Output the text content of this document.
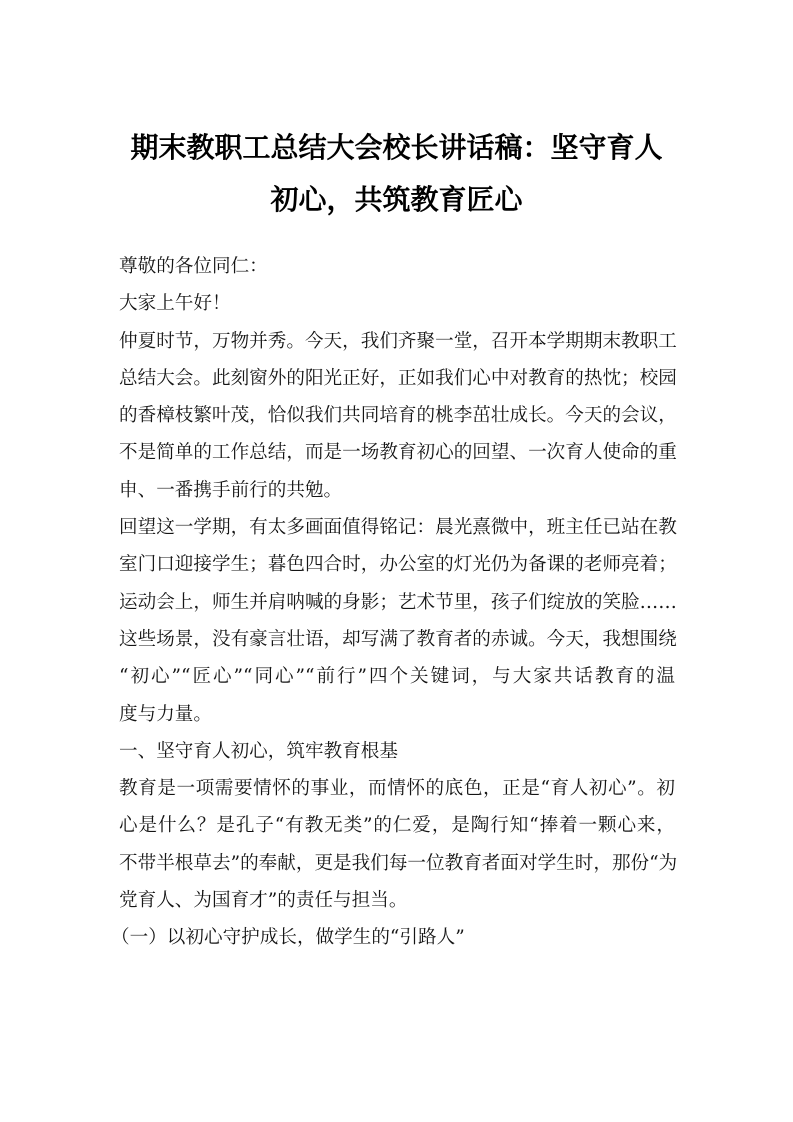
期末教职工总结大会校长讲话稿：坚守育人
初心，共筑教育匠心

尊敬的各位同仁：

大家上午好！

仲夏时节，万物并秀。今天，我们齐聚一堂，召开本学期期末教职工
总结大会。此刻窗外的阳光正好，正如我们心中对教育的热忱；校园
的香樟枝繁叶茂，恰似我们共同培育的桃李茁壮成长。今天的会议，
不是简单的工作总结，而是一场教育初心的回望、一次育人使命的重
申、一番携手前行的共勉。

回望这一学期，有太多画面值得铭记：晨光熹微中，班主任已站在教
室门口迎接学生；暮色四合时，办公室的灯光仍为备课的老师亮着；
运动会上，师生并肩呐喊的身影；艺术节里，孩子们绽放的笑脸……
这些场景，没有豪言壮语，却写满了教育者的赤诚。今天，我想围绕
“初心”“匠心”“同心”“前行”四个关键词，与大家共话教育的温
度与力量。

一、坚守育人初心，筑牢教育根基

教育是一项需要情怀的事业，而情怀的底色，正是“育人初心”。初
心是什么？是孔子“有教无类”的仁爱，是陶行知“捧着一颗心来，
不带半根草去”的奉献，更是我们每一位教育者面对学生时，那份“为
党育人、为国育才”的责任与担当。

（一）以初心守护成长，做学生的“引路人”
